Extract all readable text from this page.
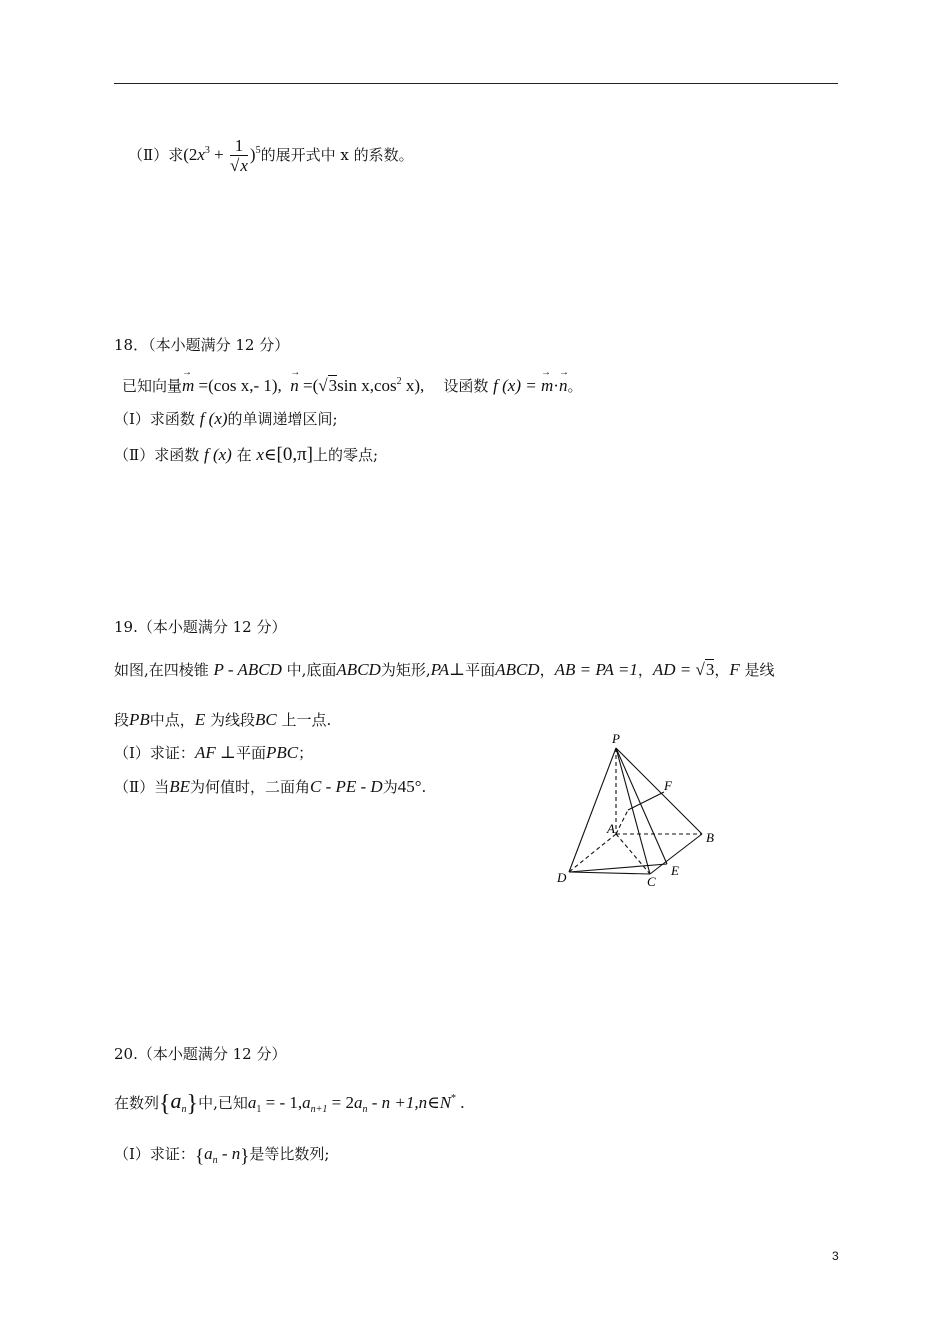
（Ⅱ）求$(2x^3 + \frac{1}{√x} )^5$的展开式中 x 的系数。
18．（本小题满分 12 分）
已知向量→ m =(cos x,- 1),  → n =(√3sin $x,\cos^2$ x), 设函数 f (x) = → m·→ n。
（Ⅰ）求函数 f (x)的单调递增区间;
（Ⅱ）求函数 f (x) 在 x∈[0,π]上的零点;
19.（本小题满分 12 分）
如图,在四棱锥 P - ABCD 中,底面ABCD为矩形,PA⊥平面ABCD，AB = PA =1，AD = √3，F 是线
段PB中点，E 为线段BC 上一点.
（Ⅰ）求证：AF ⊥平面PBC；
（Ⅱ）当BE为何值时，二面角C - PE - D为45°.
P
F
A
B
D	C
E
20.（本小题满分 12 分）
在数列$\{a_n\}$中,已知$a_1$ = - $1,a_{n+1} = 2a_n - n$ +1,n∈N* .
（Ⅰ）求证：$\{a_n - n\}$是等比数列;
3
